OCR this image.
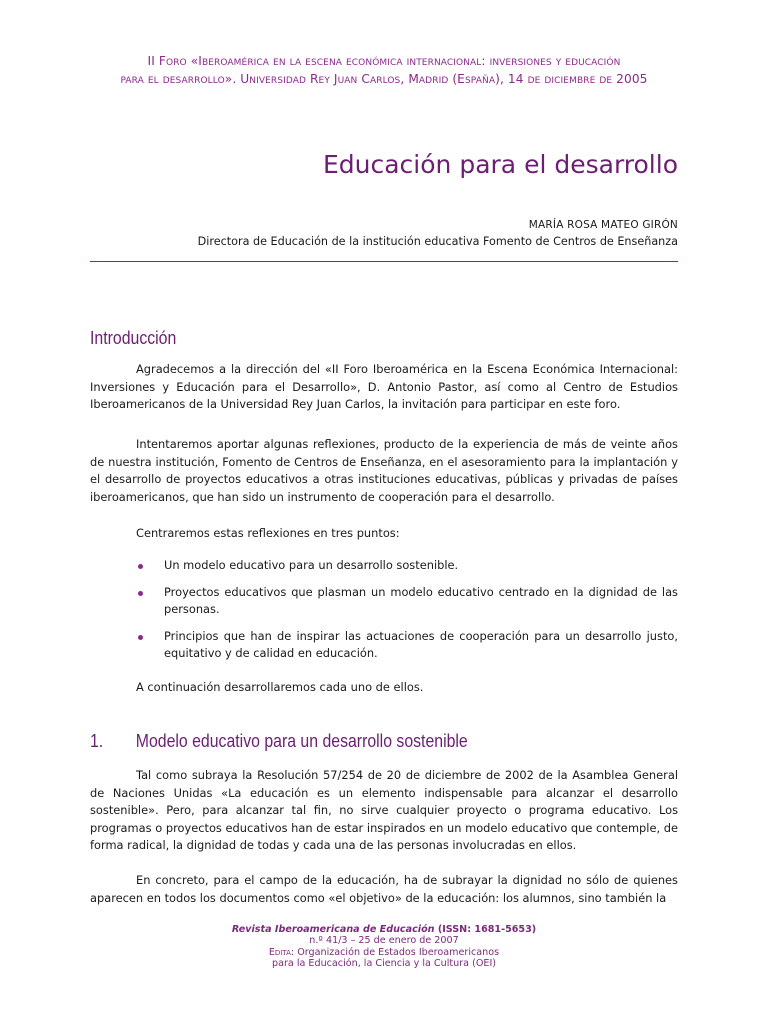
II Foro «Iberoamérica en la escena económica internacional: inversiones y educación
para el desarrollo». Universidad Rey Juan Carlos, Madrid (España), 14 de diciembre de 2005
Educación para el desarrollo
MARÍA ROSA MATEO GIRÓN
Directora de Educación de la institución educativa Fomento de Centros de Enseñanza
Introducción

Agradecemos a la dirección del «II Foro Iberoamérica en la Escena Económica Internacional: Inversiones y Educación para el Desarrollo», D. Antonio Pastor, así como al Centro de Estudios Iberoamericanos de la Universidad Rey Juan Carlos, la invitación para participar en este foro.

Intentaremos aportar algunas reflexiones, producto de la experiencia de más de veinte años de nuestra institución, Fomento de Centros de Enseñanza, en el asesoramiento para la implantación y el desarrollo de proyectos educativos a otras instituciones educativas, públicas y privadas de países iberoamericanos, que han sido un instrumento de cooperación para el desarrollo.

Centraremos estas reflexiones en tres puntos:

Un modelo educativo para un desarrollo sostenible.
Proyectos educativos que plasman un modelo educativo centrado en la dignidad de las personas.
Principios que han de inspirar las actuaciones de cooperación para un desarrollo justo, equitativo y de calidad en educación.

A continuación desarrollaremos cada uno de ellos.

1. Modelo educativo para un desarrollo sostenible

Tal como subraya la Resolución 57/254 de 20 de diciembre de 2002 de la Asamblea General de Naciones Unidas «La educación es un elemento indispensable para alcanzar el desarrollo sostenible». Pero, para alcanzar tal fin, no sirve cualquier proyecto o programa educativo. Los programas o proyectos educativos han de estar inspirados en un modelo educativo que contemple, de forma radical, la dignidad de todas y cada una de las personas involucradas en ellos.

En concreto, para el campo de la educación, ha de subrayar la dignidad no sólo de quienes aparecen en todos los documentos como «el objetivo» de la educación: los alumnos, sino también la

Revista Iberoamericana de Educación (ISSN: 1681-5653)
n.º 41/3 – 25 de enero de 2007
Edita: Organización de Estados Iberoamericanos
para la Educación, la Ciencia y la Cultura (OEI)
